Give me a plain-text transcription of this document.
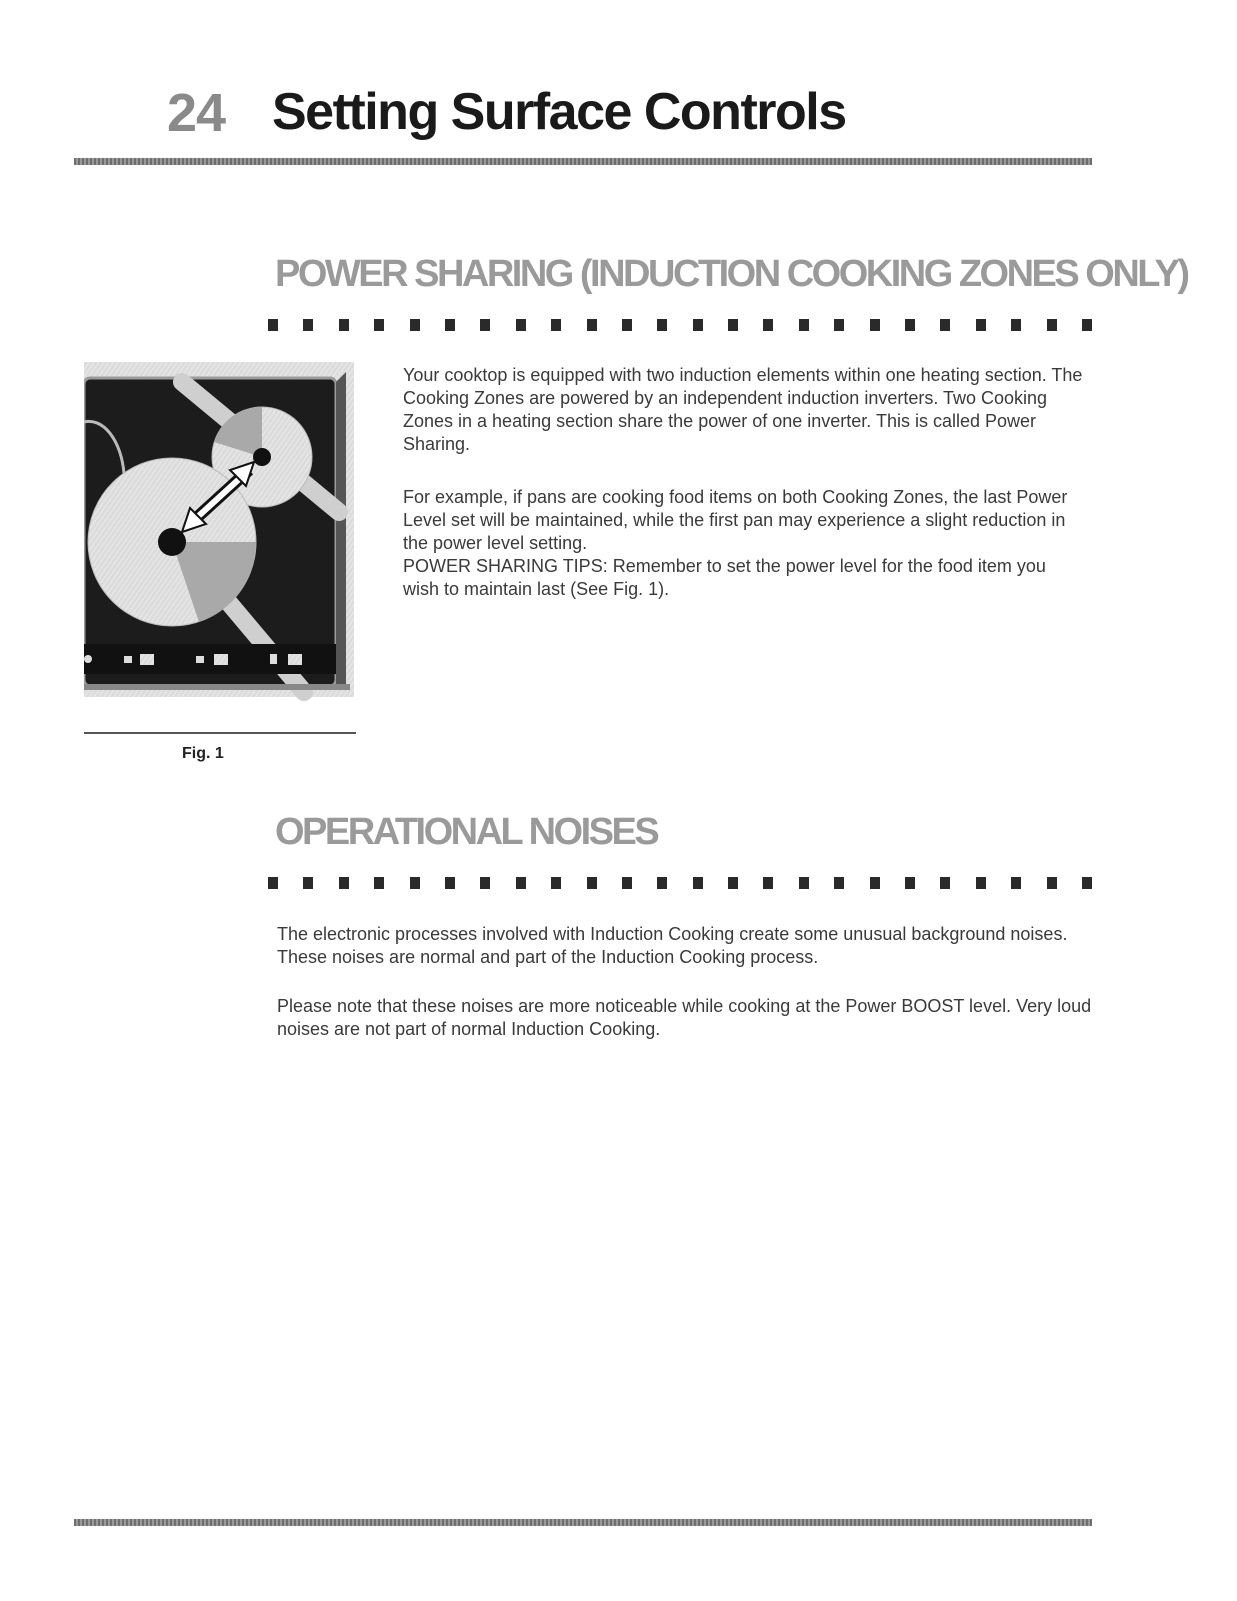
24 Setting Surface Controls
POWER SHARING (INDUCTION COOKING ZONES ONLY)
Fig. 1

Your cooktop is equipped with two induction elements within one heating section. The Cooking Zones are powered by an independent induction inverters. Two Cooking Zones in a heating section share the power of one inverter. This is called Power Sharing.

For example, if pans are cooking food items on both Cooking Zones, the last Power Level set will be maintained, while the first pan may experience a slight reduction in the power level setting.
POWER SHARING TIPS: Remember to set the power level for the food item you wish to maintain last (See Fig. 1).
OPERATIONAL NOISES

The electronic processes involved with Induction Cooking create some unusual background noises. These noises are normal and part of the Induction Cooking process.

Please note that these noises are more noticeable while cooking at the Power BOOST level. Very loud noises are not part of normal Induction Cooking.
